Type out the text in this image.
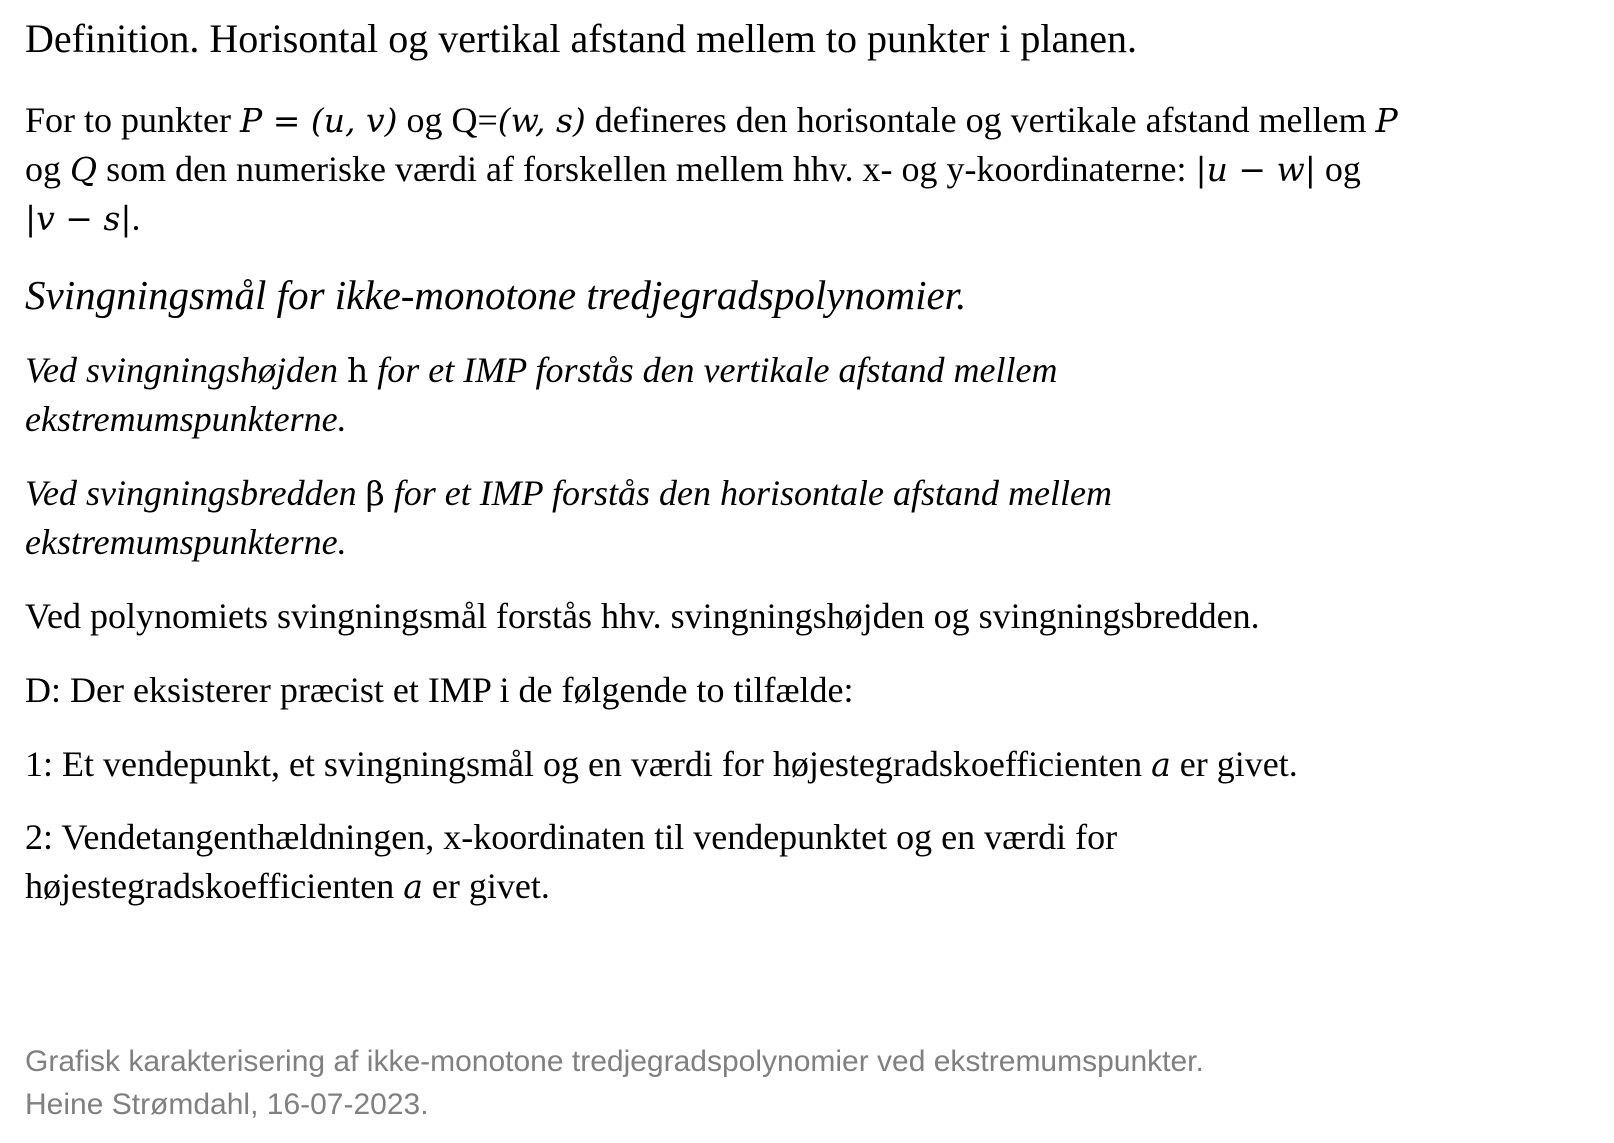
Definition. Horisontal og vertikal afstand mellem to punkter i planen.

For to punkter P = (u, v) og Q=(w, s) defineres den horisontale og vertikale afstand mellem P
og Q som den numeriske værdi af forskellen mellem hhv. x- og y-koordinaterne: |u − w| og
|v − s|.

Svingningsmål for ikke-monotone tredjegradspolynomier.

Ved svingningshøjden h for et IMP forstås den vertikale afstand mellem
ekstremumspunkterne.

Ved svingningsbredden β for et IMP forstås den horisontale afstand mellem
ekstremumspunkterne.

Ved polynomiets svingningsmål forstås hhv. svingningshøjden og svingningsbredden.

D: Der eksisterer præcist et IMP i de følgende to tilfælde:

1: Et vendepunkt, et svingningsmål og en værdi for højestegradskoefficienten a er givet.

2: Vendetangenthældningen, x-koordinaten til vendepunktet og en værdi for
højestegradskoefficienten a er givet.

Grafisk karakterisering af ikke-monotone tredjegradspolynomier ved ekstremumspunkter.
Heine Strømdahl, 16-07-2023.
